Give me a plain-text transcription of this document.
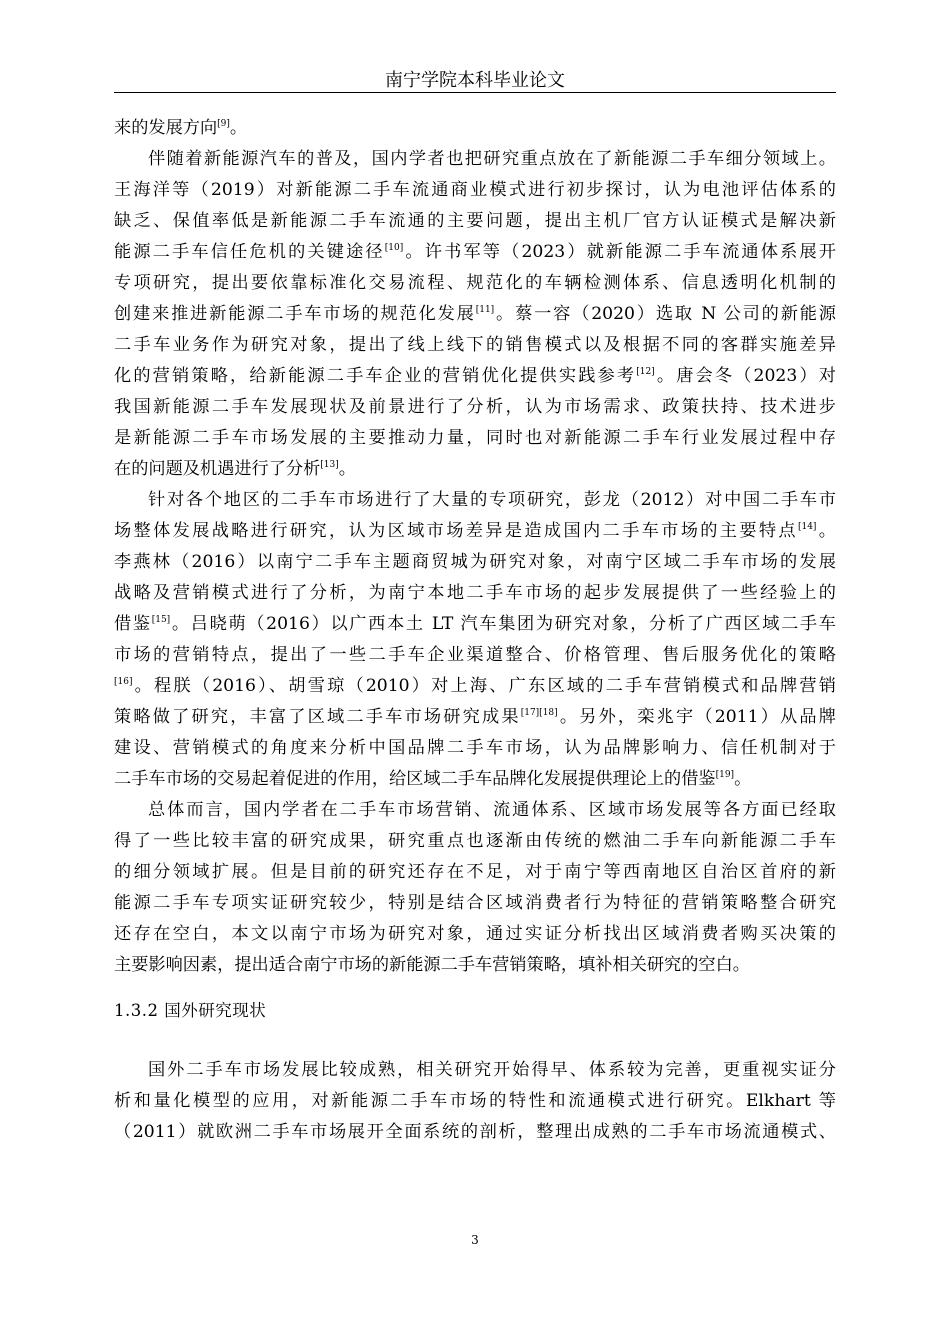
南宁学院本科毕业论文
来的发展方向[9]。
伴随着新能源汽车的普及，国内学者也把研究重点放在了新能源二手车细分领域上。
王海洋等（2019）对新能源二手车流通商业模式进行初步探讨，认为电池评估体系的
缺乏、保值率低是新能源二手车流通的主要问题，提出主机厂官方认证模式是解决新
能源二手车信任危机的关键途径[10]。许书军等（2023）就新能源二手车流通体系展开
专项研究，提出要依靠标准化交易流程、规范化的车辆检测体系、信息透明化机制的
创建来推进新能源二手车市场的规范化发展[11]。蔡一容（2020）选取 N 公司的新能源
二手车业务作为研究对象，提出了线上线下的销售模式以及根据不同的客群实施差异
化的营销策略，给新能源二手车企业的营销优化提供实践参考[12]。唐会冬（2023）对
我国新能源二手车发展现状及前景进行了分析，认为市场需求、政策扶持、技术进步
是新能源二手车市场发展的主要推动力量，同时也对新能源二手车行业发展过程中存
在的问题及机遇进行了分析[13]。
针对各个地区的二手车市场进行了大量的专项研究，彭龙（2012）对中国二手车市
场整体发展战略进行研究，认为区域市场差异是造成国内二手车市场的主要特点[14]。
李燕林（2016）以南宁二手车主题商贸城为研究对象，对南宁区域二手车市场的发展
战略及营销模式进行了分析，为南宁本地二手车市场的起步发展提供了一些经验上的
借鉴[15]。吕晓萌（2016）以广西本土 LT 汽车集团为研究对象，分析了广西区域二手车
市场的营销特点，提出了一些二手车企业渠道整合、价格管理、售后服务优化的策略
[16]。程朕（2016）、胡雪琼（2010）对上海、广东区域的二手车营销模式和品牌营销
策略做了研究，丰富了区域二手车市场研究成果[17][18]。另外，栾兆宇（2011）从品牌
建设、营销模式的角度来分析中国品牌二手车市场，认为品牌影响力、信任机制对于
二手车市场的交易起着促进的作用，给区域二手车品牌化发展提供理论上的借鉴[19]。
总体而言，国内学者在二手车市场营销、流通体系、区域市场发展等各方面已经取
得了一些比较丰富的研究成果，研究重点也逐渐由传统的燃油二手车向新能源二手车
的细分领域扩展。但是目前的研究还存在不足，对于南宁等西南地区自治区首府的新
能源二手车专项实证研究较少，特别是结合区域消费者行为特征的营销策略整合研究
还存在空白，本文以南宁市场为研究对象，通过实证分析找出区域消费者购买决策的
主要影响因素，提出适合南宁市场的新能源二手车营销策略，填补相关研究的空白。
1.3.2 国外研究现状
国外二手车市场发展比较成熟，相关研究开始得早、体系较为完善，更重视实证分
析和量化模型的应用，对新能源二手车市场的特性和流通模式进行研究。Elkhart 等
（2011）就欧洲二手车市场展开全面系统的剖析，整理出成熟的二手车市场流通模式、
3
